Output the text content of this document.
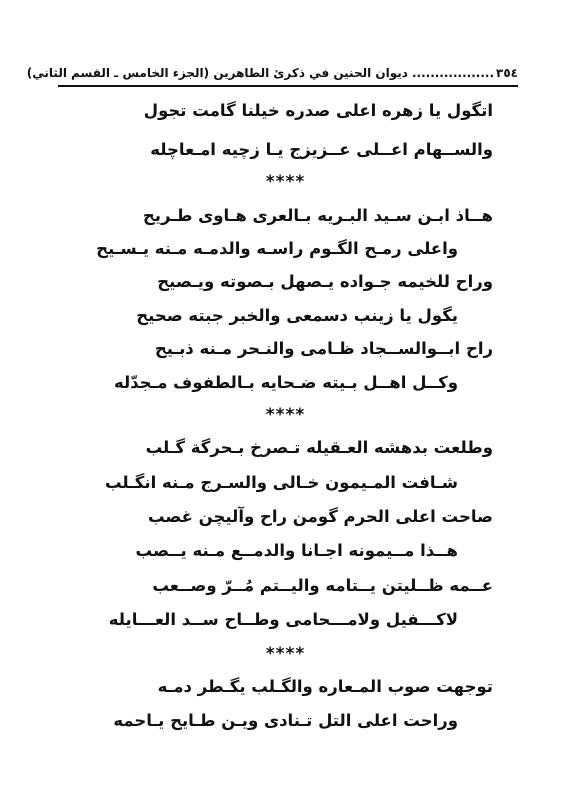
٣٥٤
..................
ديوان الحنين في ذكرئ الطاهرين (الجزء الخامس ـ القسم الثاني)
اتگول يا زهره اعلى صدره خيلنا گامت تجول
والســهام اعــلى عــزيزج يـا زچيه امـعاچله
****
هــاذ ابـن سـيد البـريه بـالعرى هـاوى طـريح
واعلى رمـح الگـوم راسـه والدمـه مـنه يـسـيح
وراح للخيمه جـواده يـصهل بـصوته ويـصيح
يگول يا زينب دسمعى والخبر جبته صحيح
راح ابــوالســجاد ظـامى والنـحر مـنه ذبـيح
وكــل اهــل بـيته ضـحايه بـالطفوف مـجدّله
****
وطلعت بدهشه العـقيله تـصرخ بـحرگة گـلب
شـافت المـيمون خـالى والسـرج مـنه انگـلب
صاحت اعلى الحرم گومن راح وآليچن غصب
هــذا مــيمونه اجـانا والدمــع مـنه يــصب
عــمه ظــليتن يــتامه واليــتم مُــرّ وصــعب
لاكـــفيل ولامـــحامى وطــاح ســد العـــايله
****
توجهت صوب المـعاره والگـلب يگـطر دمـه
وراحت اعلى التل تـنادى ويـن طـايح يـاحمه
